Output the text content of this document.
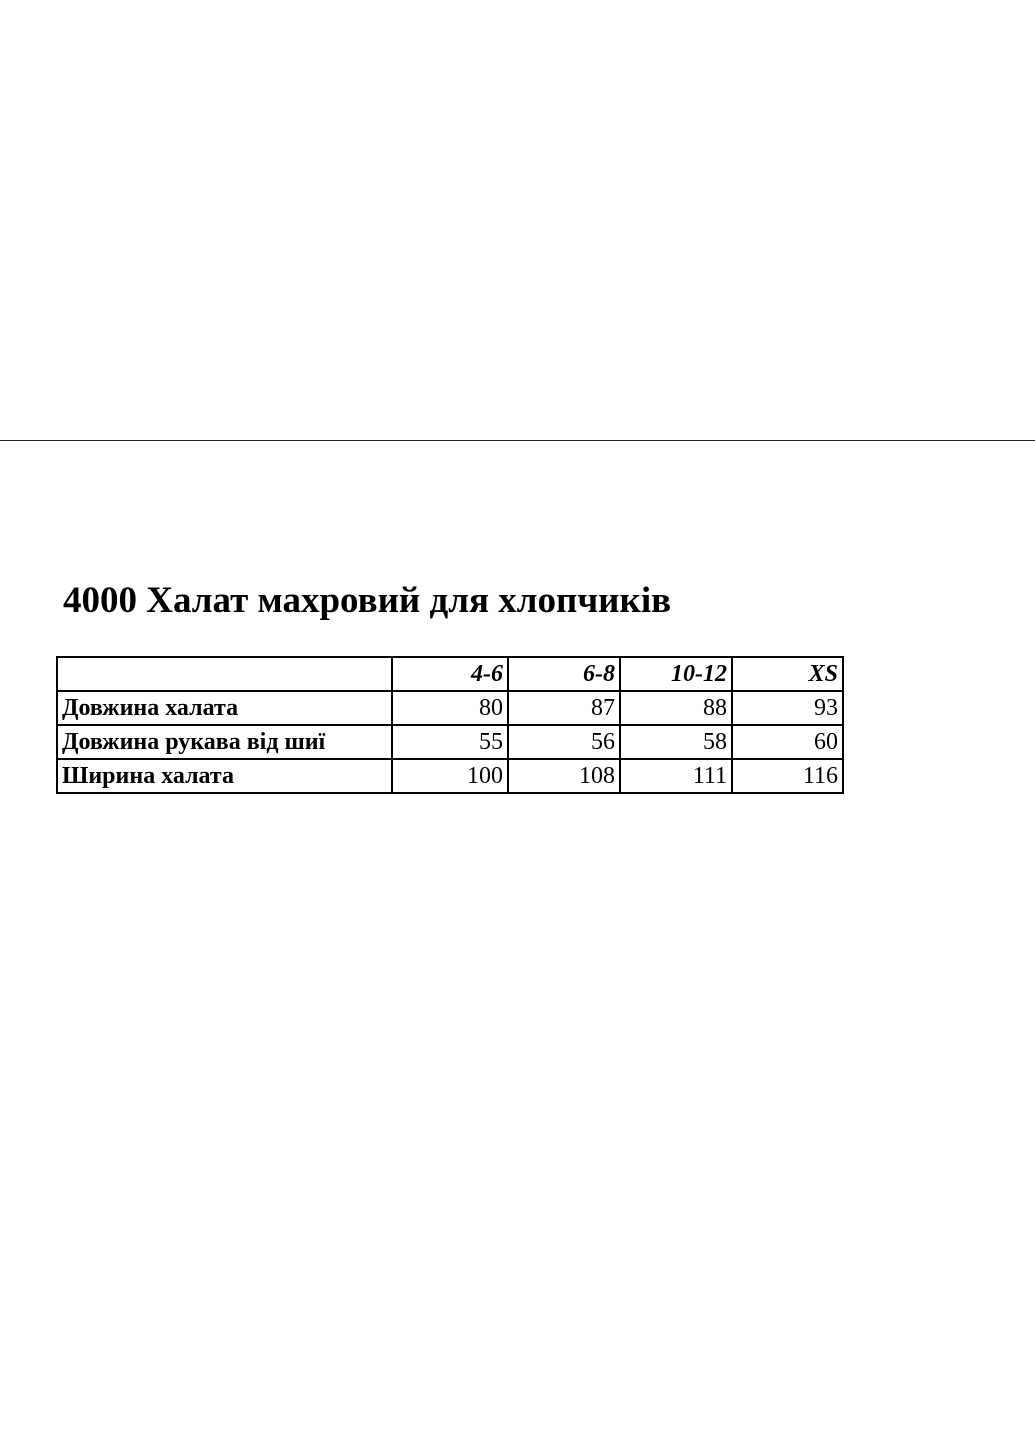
4000 Халат махровий для хлопчиків
	4-6	6-8	10-12	XS
Довжина халата	80	87	88	93
Довжина рукава від шиї	55	56	58	60
Ширина халата	100	108	111	116
